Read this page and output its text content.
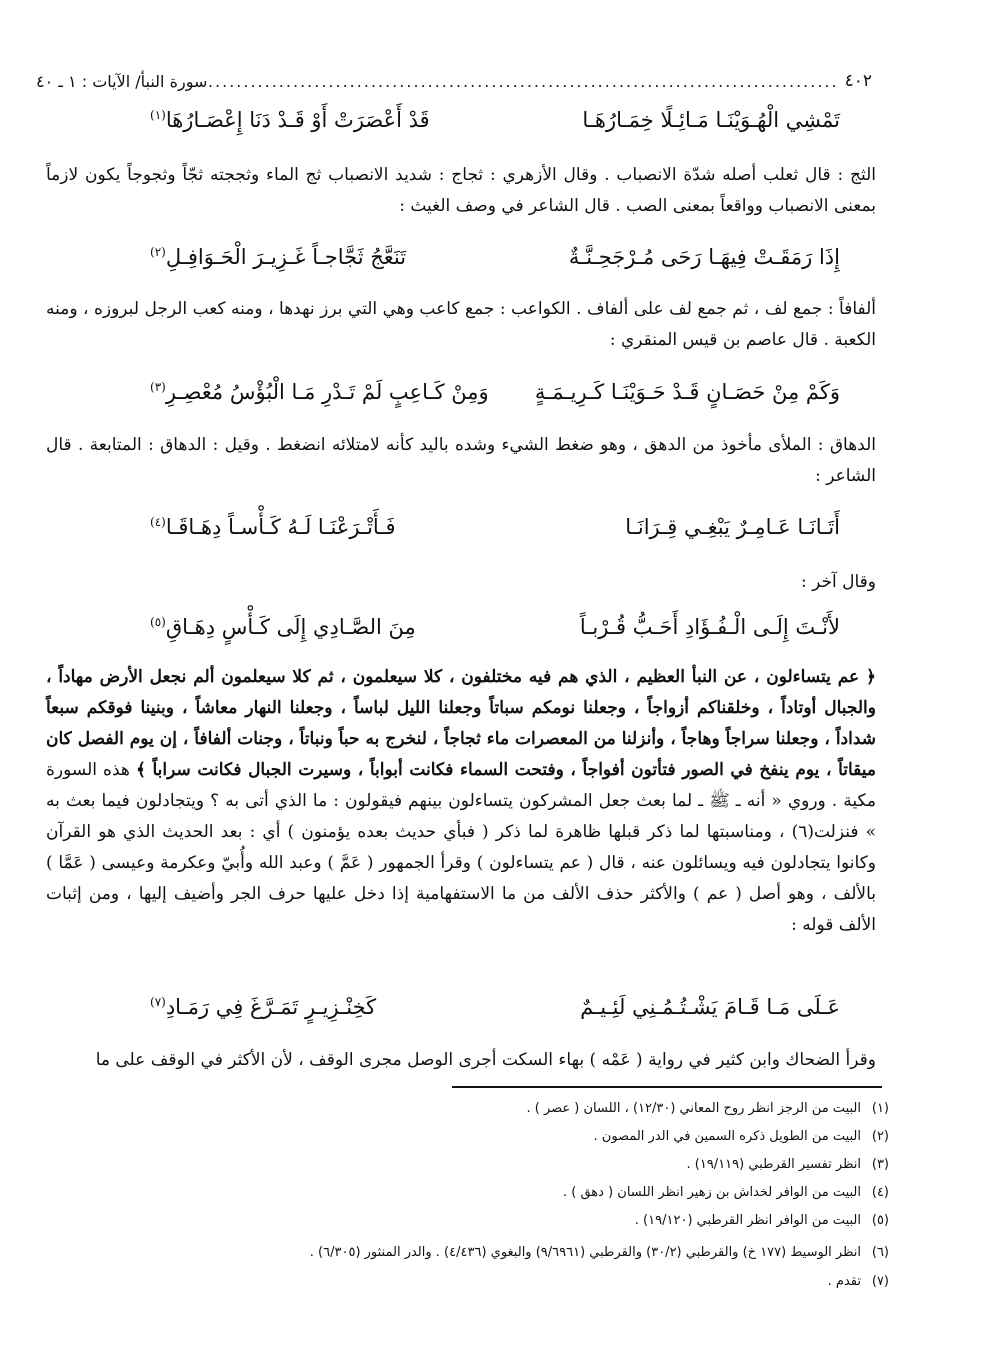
٤٠٢
.....
سورة النبأ/ الآيات : ١ ـ ٤٠
تَمْشِي الْهُـوَيْنَـا مَـائِـلًا خِمَـارُهَـا
قَدْ أَعْصَرَتْ أَوْ قَـدْ دَنَا إِعْصَـارُهَا$^{(١)}$
الثج : قال ثعلب أصله شدّة الانصباب . وقال الأزهري : ثجاج : شديد الانصباب ثج الماء وثججته ثجّاً وثجوجاً يكون لازماً بمعنى الانصباب وواقعاً بمعنى الصب . قال الشاعر في وصف الغيث :
إِذَا رَمَقَـتْ فِيهَـا رَحَى مُـرْجَحِـنَّـةٌ
تَنَعَّجُ ثَجَّاجـاً غَـزِيـرَ الْحَـوَافِـلِ$^{(٢)}$
ألفافاً : جمع لف ، ثم جمع لف على ألفاف . الكواعب : جمع كاعب وهي التي برز نهدها ، ومنه كعب الرجل لبروزه ، ومنه الكعبة . قال عاصم بن قيس المنقري :
وَكَمْ مِنْ حَصَـانٍ قَـدْ حَـوَيْنَـا كَـرِيـمَـةٍ
وَمِنْ كَـاعِبٍ لَمْ تَـدْرِ مَـا الْبُؤْسُ مُعْصِـرِ$^{(٣)}$
الدهاق : الملأى مأخوذ من الدهق ، وهو ضغط الشيء وشده باليد كأنه لامتلائه انضغط . وقيل : الدهاق : المتابعة . قال الشاعر :
أَتَـانَـا عَـامِـرٌ يَبْغِـي قِـرَانَـا
فَـأَتْـرَعْنَـا لَـهُ كَـأْسـاً دِهَـاقَـا$^{(٤)}$
وقال آخر :
لأَنْـتَ إِلَـى الْـفُـؤَادِ أَحَـبُّ قُـرْبـاً
مِنَ الصَّـادِي إِلَى كَـأْسٍ دِهَـاقِ$^{(٥)}$
﴿ عم يتساءلون ، عن النبأ العظيم ، الذي هم فيه مختلفون ، كلا سيعلمون ، ثم كلا سيعلمون ألم نجعل الأرض مهاداً ، والجبال أوتاداً ، وخلقناكم أزواجاً ، وجعلنا نومكم سباتاً وجعلنا الليل لباساً ، وجعلنا النهار معاشاً ، وبنينا فوقكم سبعاً شداداً ، وجعلنا سراجاً وهاجاً ، وأنزلنا من المعصرات ماء ثجاجاً ، لنخرج به حباً ونباتاً ، وجنات ألفافاً ، إن يوم الفصل كان ميقاتاً ، يوم ينفخ في الصور فتأتون أفواجاً ، وفتحت السماء فكانت أبواباً ، وسيرت الجبال فكانت سراباً ﴾ هذه السورة مكية . وروي « أنه ـ ﷺ ـ لما بعث جعل المشركون يتساءلون بينهم فيقولون : ما الذي أتى به ؟ ويتجادلون فيما بعث به » فنزلت(٦) ، ومناسبتها لما ذكر قبلها ظاهرة لما ذكر ( فبأي حديث بعده يؤمنون ) أي : بعد الحديث الذي هو القرآن وكانوا يتجادلون فيه ويسائلون عنه ، قال ( عم يتساءلون ) وقرأ الجمهور ( عَمَّ ) وعبد الله وأُبيّ وعكرمة وعيسى ( عَمَّا ) بالألف ، وهو أصل ( عم ) والأكثر حذف الألف من ما الاستفهامية إذا دخل عليها حرف الجر وأضيف إليها ، ومن إثبات الألف قوله :
عَـلَى مَـا قَـامَ يَشْـتُـمُـنِي لَئِـيـمٌ
كَخِنْـزِيـرٍ تَمَـرَّغَ فِي رَمَـادِ$^{(٧)}$
وقرأ الضحاك وابن كثير في رواية ( عَمْه ) بهاء السكت أجرى الوصل مجرى الوقف ، لأن الأكثر في الوقف على ما
(١)البيت من الرجز انظر روح المعاني (١٢/٣٠) ، اللسان ( عصر ) .
(٢)البيت من الطويل ذكره السمين في الدر المصون .
(٣)انظر تفسير القرطبي (١٩/١١٩) .
(٤)البيت من الوافر لخداش بن زهير انظر اللسان ( دهق ) .
(٥)البيت من الوافر انظر القرطبي (١٩/١٢٠) .
(٦)انظر الوسيط (١٧٧ خ) والقرطبي (٣٠/٢) والقرطبي (٩/٦٩٦١) والبغوي (٤/٤٣٦) . والدر المنثور (٦/٣٠٥) .
(٧)تقدم .
